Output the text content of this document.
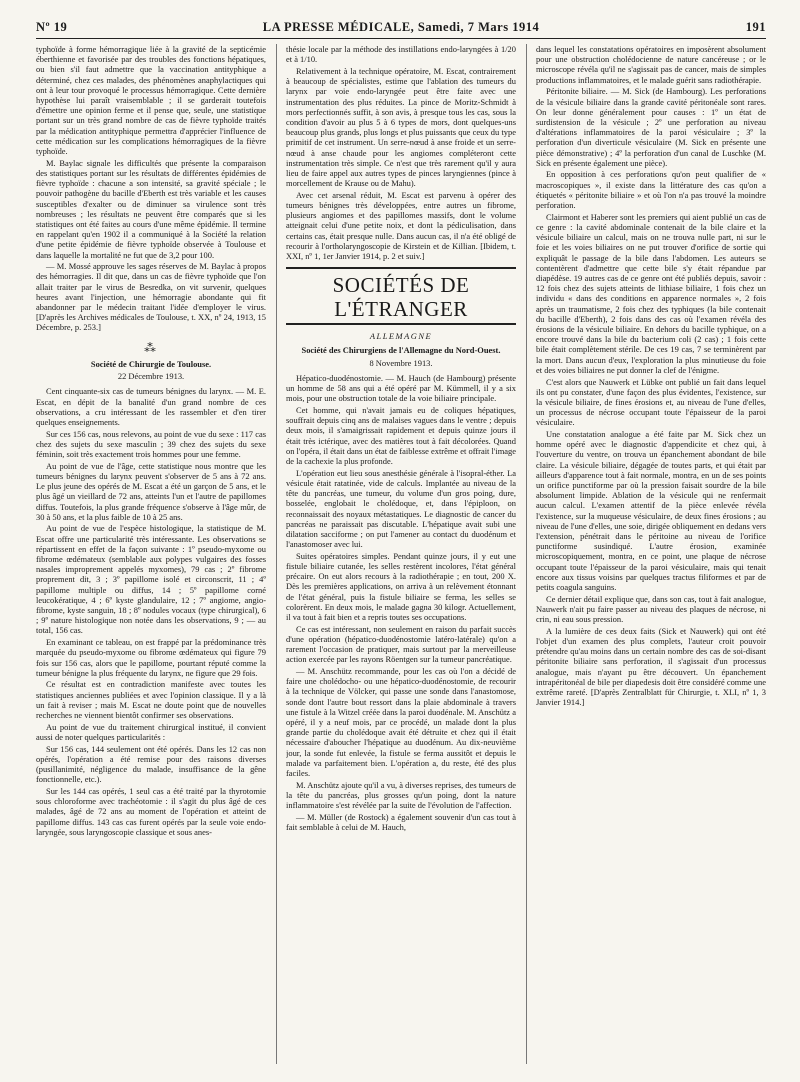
LA PRESSE MÉDICALE, Samedi, 7 Mars 1914
Nº 19	191

typhoïde à forme hémorragique liée à la gravité de la septicémie éberthienne et favorisée par des troubles des fonctions hépatiques, ou bien s'il faut admettre que la vaccination antityphique a déterminé, chez ces malades, des phénomènes anaphylactiques qui ont à leur tour provoqué le processus hémorragique. Cette dernière hypothèse lui paraît vraisemblable ; il se garderait toutefois d'émettre une opinion ferme et il pense que, seule, une statistique portant sur un très grand nombre de cas de fièvre typhoïde traités par la médication antityphique permettra d'apprécier l'influence de cette médication sur les complications hémorragiques de la fièvre typhoïde.

M. Baylac signale les difficultés que présente la comparaison des statistiques portant sur les résultats de différentes épidémies de fièvre typhoïde : chacune a son intensité, sa gravité spéciale ; le pouvoir pathogène du bacille d'Eberth est très variable et les causes susceptibles d'exalter ou de diminuer sa virulence sont très nombreuses ; les résultats ne peuvent être comparés que si les statistiques ont été faites au cours d'une même épidémie. Il termine en rappelant qu'en 1902 il a communiqué à la Société la relation d'une petite épidémie de fièvre typhoïde observée à Toulouse et dans laquelle la mortalité ne fut que de 3,2 pour 100.

— M. Mossé approuve les sages réserves de M. Baylac à propos des hémorragies. Il dit que, dans un cas de fièvre typhoïde que l'on allait traiter par le virus de Besredka, on vit survenir, quelques heures avant l'injection, une hémorragie abondante qui fit abandonner par le médecin traitant l'idée d'employer le virus. [D'après les Archives médicales de Toulouse, t. XX, nº 24, 1913, 15 Décembre, p. 253.]

⁂

Société de Chirurgie de Toulouse.

22 Décembre 1913.

Cent cinquante-six cas de tumeurs bénignes du larynx. — M. E. Escat, en dépit de la banalité d'un grand nombre de ces observations, a cru intéressant de les rassembler et d'en tirer quelques enseignements.

Sur ces 156 cas, nous relevons, au point de vue du sexe : 117 cas chez des sujets du sexe masculin ; 39 chez des sujets du sexe féminin, soit très exactement trois hommes pour une femme.

Au point de vue de l'âge, cette statistique nous montre que les tumeurs bénignes du larynx peuvent s'observer de 5 ans à 72 ans. Le plus jeune des opérés de M. Escat a été un garçon de 5 ans, et le plus âgé un vieillard de 72 ans, atteints l'un et l'autre de papillomes diffus. Toutefois, la plus grande fréquence s'observe à l'âge mûr, de 30 à 50 ans, et la plus faible de 10 à 25 ans.

Au point de vue de l'espèce histologique, la statistique de M. Escat offre une particularité très intéressante. Les observations se répartissent en effet de la façon suivante : 1º pseudo-myxome ou fibrome œdémateux (semblable aux polypes vulgaires des fosses nasales improprement appelés myxomes), 79 cas ; 2º fibrome proprement dit, 3 ; 3º papillome isolé et circonscrit, 11 ; 4º papillome multiple ou diffus, 14 ; 5º papillome corné leucokératique, 4 ; 6º kyste glandulaire, 12 ; 7º angiome, angio-fibrome, kyste sanguin, 18 ; 8º nodules vocaux (type chirurgical), 6 ; 9º nature histologique non notée dans les observations, 9 ; — au total, 156 cas.

En examinant ce tableau, on est frappé par la prédominance très marquée du pseudo-myxome ou fibrome œdémateux qui figure 79 fois sur 156 cas, alors que le papillome, pourtant réputé comme la tumeur bénigne la plus fréquente du larynx, ne figure que 29 fois.

Ce résultat est en contradiction manifeste avec toutes les statistiques anciennes publiées et avec l'opinion classique. Il y a là un fait à reviser ; mais M. Escat ne doute point que de nouvelles recherches ne viennent bientôt confirmer ses observations.

Au point de vue du traitement chirurgical institué, il convient aussi de noter quelques particularités :

Sur 156 cas, 144 seulement ont été opérés. Dans les 12 cas non opérés, l'opération a été remise pour des raisons diverses (pusillanimité, négligence du malade, insuffisance de la gêne fonctionnelle, etc.).

Sur les 144 cas opérés, 1 seul cas a été traité par la thyrotomie sous chloroforme avec trachéotomie : il s'agit du plus âgé de ces malades, âgé de 72 ans au moment de l'opération et atteint de papillome diffus. 143 cas cas furent opérés par la seule voie endo-laryngée, sous laryngoscopie classique et sous anes-

thésie locale par la méthode des instillations endo-laryngées à 1/20 et à 1/10.

Relativement à la technique opératoire, M. Escat, contrairement à beaucoup de spécialistes, estime que l'ablation des tumeurs du larynx par voie endo-laryngée peut être faite avec une instrumentation des plus réduites. La pince de Moritz-Schmidt à mors perfectionnés suffit, à son avis, à presque tous les cas, sous la condition d'avoir au plus 5 à 6 types de mors, dont quelques-uns beaucoup plus grands, plus longs et plus puissants que ceux du type primitif de cet instrument. Un serre-nœud à anse froide et un serre-nœud à anse chaude pour les angiomes compléteront cette instrumentation très simple. Ce n'est que très rarement qu'il y aura lieu de faire appel aux autres types de pinces laryngiennes (pince à morcellement de Krause ou de Mahu).

Avec cet arsenal réduit, M. Escat est parvenu à opérer des tumeurs bénignes très développées, entre autres un fibrome, plusieurs angiomes et des papillomes massifs, dont le volume atteignait celui d'une petite noix, et dont la pédiculisation, dans certains cas, était presque nulle. Dans aucun cas, il n'a été obligé de recourir à l'ortholaryngoscopie de Kirstein et de Killian. [Ibidem, t. XXI, nº 1, 1er Janvier 1914, p. 2 et suiv.]

SOCIÉTÉS DE L'ÉTRANGER

ALLEMAGNE

Société des Chirurgiens de l'Allemagne du Nord-Ouest.

8 Novembre 1913.

Hépatico-duodénostomie. — M. Hauch (de Hambourg) présente un homme de 58 ans qui a été opéré par M. Kümmell, il y a six mois, pour une obstruction totale de la voie biliaire principale.

Cet homme, qui n'avait jamais eu de coliques hépatiques, souffrait depuis cinq ans de malaises vagues dans le ventre ; depuis deux mois, il s'amaigrissait rapidement et depuis quinze jours il était très ictérique, avec des matières tout à fait décolorées. Quand on l'opéra, il était dans un état de faiblesse extrême et offrait l'image de la cachexie la plus profonde.

L'opération eut lieu sous anesthésie générale à l'isopral-éther. La vésicule était ratatinée, vide de calculs. Implantée au niveau de la tête du pancréas, une tumeur, du volume d'un gros poing, dure, bosselée, englobait le cholédoque, et, dans l'épiploon, on reconnaissait des noyaux métastatiques. Le diagnostic de cancer du pancréas ne paraissait pas discutable. L'hépatique avait subi une dilatation sacciforme ; on put l'amener au contact du duodénum et l'anastomoser avec lui.

Suites opératoires simples. Pendant quinze jours, il y eut une fistule biliaire cutanée, les selles restèrent incolores, l'état général précaire. On eut alors recours à la radiothérapie ; en tout, 200 X. Dès les premières applications, on arriva à un relèvement étonnant de l'état général, puis la fistule biliaire se ferma, les selles se colorèrent. En deux mois, le malade gagna 30 kilogr. Actuellement, il va tout à fait bien et a repris toutes ses occupations.

Ce cas est intéressant, non seulement en raison du parfait succès d'une opération (hépatico-duodénostomie latéro-latérale) qu'on a rarement l'occasion de pratiquer, mais surtout par la merveilleuse action exercée par les rayons Röentgen sur la tumeur pancréatique.

— M. Anschütz recommande, pour les cas où l'on a décidé de faire une cholédocho- ou une hépatico-duodénostomie, de recourir à la technique de Völcker, qui passe une sonde dans l'anastomose, sonde dont l'autre bout ressort dans la plaie abdominale à travers une fistule à la Witzel créée dans la paroi duodénale. M. Anschütz a opéré, il y a neuf mois, par ce procédé, un malade dont la plus grande partie du cholédoque avait été détruite et chez qui il était nécessaire d'aboucher l'hépatique au duodénum. Au dix-neuvième jour, la sonde fut enlevée, la fistule se ferma aussitôt et depuis le malade va parfaitement bien. L'opération a, du reste, été des plus faciles.

M. Anschütz ajoute qu'il a vu, à diverses reprises, des tumeurs de la tête du pancréas, plus grosses qu'un poing, dont la nature inflammatoire s'est révélée par la suite de l'évolution de l'affection.

— M. Müller (de Rostock) a également souvenir d'un cas tout à fait semblable à celui de M. Hauch,

dans lequel les constatations opératoires en imposèrent absolument pour une obstruction cholédocienne de nature cancéreuse ; or le microscope révéla qu'il ne s'agissait pas de cancer, mais de simples productions inflammatoires, et le malade guérit sans radiothérapie.

Péritonite biliaire. — M. Sick (de Hambourg). Les perforations de la vésicule biliaire dans la grande cavité péritonéale sont rares. On leur donne généralement pour causes : 1º un état de surdistension de la vésicule ; 2º une perforation au niveau d'altérations inflammatoires de la paroi vésiculaire ; 3º la perforation d'un diverticule vésiculaire (M. Sick en présente une pièce démonstrative) ; 4º la perforation d'un canal de Luschke (M. Sick en présente également une pièce).

En opposition à ces perforations qu'on peut qualifier de « macroscopiques », il existe dans la littérature des cas qu'on a étiquetés « péritonite biliaire » et où l'on n'a pas trouvé la moindre perforation.

Clairmont et Haberer sont les premiers qui aient publié un cas de ce genre : la cavité abdominale contenait de la bile claire et la vésicule biliaire un calcul, mais on ne trouva nulle part, ni sur le foie et les voies biliaires on ne put trouver d'orifice de sortie qui expliquât le passage de la bile dans l'abdomen. Les auteurs se contentèrent d'admettre que cette bile s'y était répandue par diapédèse. 19 autres cas de ce genre ont été publiés depuis, savoir : 12 fois chez des sujets atteints de lithiase biliaire, 1 fois chez un individu « dans des conditions en apparence normales », 2 fois après un traumatisme, 2 fois chez des typhiques (la bile contenait du bacille d'Eberth), 2 fois dans des cas où l'examen révéla des érosions de la vésicule biliaire. En dehors du bacille typhique, on a encore trouvé dans la bile du bacterium coli (2 cas) ; 1 fois cette bile était complètement stérile. De ces 19 cas, 7 se terminèrent par la mort. Dans aucun d'eux, l'exploration la plus minutieuse du foie et des voies biliaires ne put donner la clef de l'énigme.

C'est alors que Nauwerk et Lübke ont publié un fait dans lequel ils ont pu constater, d'une façon des plus évidentes, l'existence, sur la vésicule biliaire, de fines érosions et, au niveau de l'une d'elles, un processus de nécrose occupant toute l'épaisseur de la paroi vésiculaire.

Une constatation analogue a été faite par M. Sick chez un homme opéré avec le diagnostic d'appendicite et chez qui, à l'ouverture du ventre, on trouva un épanchement abondant de bile claire. La vésicule biliaire, dégagée de toutes parts, et qui était par ailleurs d'apparence tout à fait normale, montra, en un de ses points un orifice punctiforme par où la pression faisait sourdre de la bile absolument limpide. Ablation de la vésicule qui ne renfermait aucun calcul. L'examen attentif de la pièce enlevée révéla l'existence, sur la muqueuse vésiculaire, de deux fines érosions ; au niveau de l'une d'elles, une soie, dirigée obliquement en dedans vers l'extension, pénétrait dans le péritoine au niveau de l'orifice punctiforme susindiqué. L'autre érosion, examinée microscopiquement, montra, en ce point, une plaque de nécrose occupant toute l'épaisseur de la paroi vésiculaire, mais qui tenait encore aux tissus voisins par quelques tractus filiformes et par de petits coagula sanguins.

Ce dernier détail explique que, dans son cas, tout à fait analogue, Nauwerk n'ait pu faire passer au niveau des plaques de nécrose, ni crin, ni eau sous pression.

A la lumière de ces deux faits (Sick et Nauwerk) qui ont été l'objet d'un examen des plus complets, l'auteur croit pouvoir prétendre qu'au moins dans un certain nombre des cas de soi-disant péritonite biliaire sans perforation, il s'agissait d'un processus analogue, mais n'ayant pu être découvert. Un épanchement intrapéritonéal de bile per diapedesis doit être considéré comme une extrême rareté. [D'après Zentralblatt für Chirurgie, t. XLI, nº 1, 3 Janvier 1914.]
